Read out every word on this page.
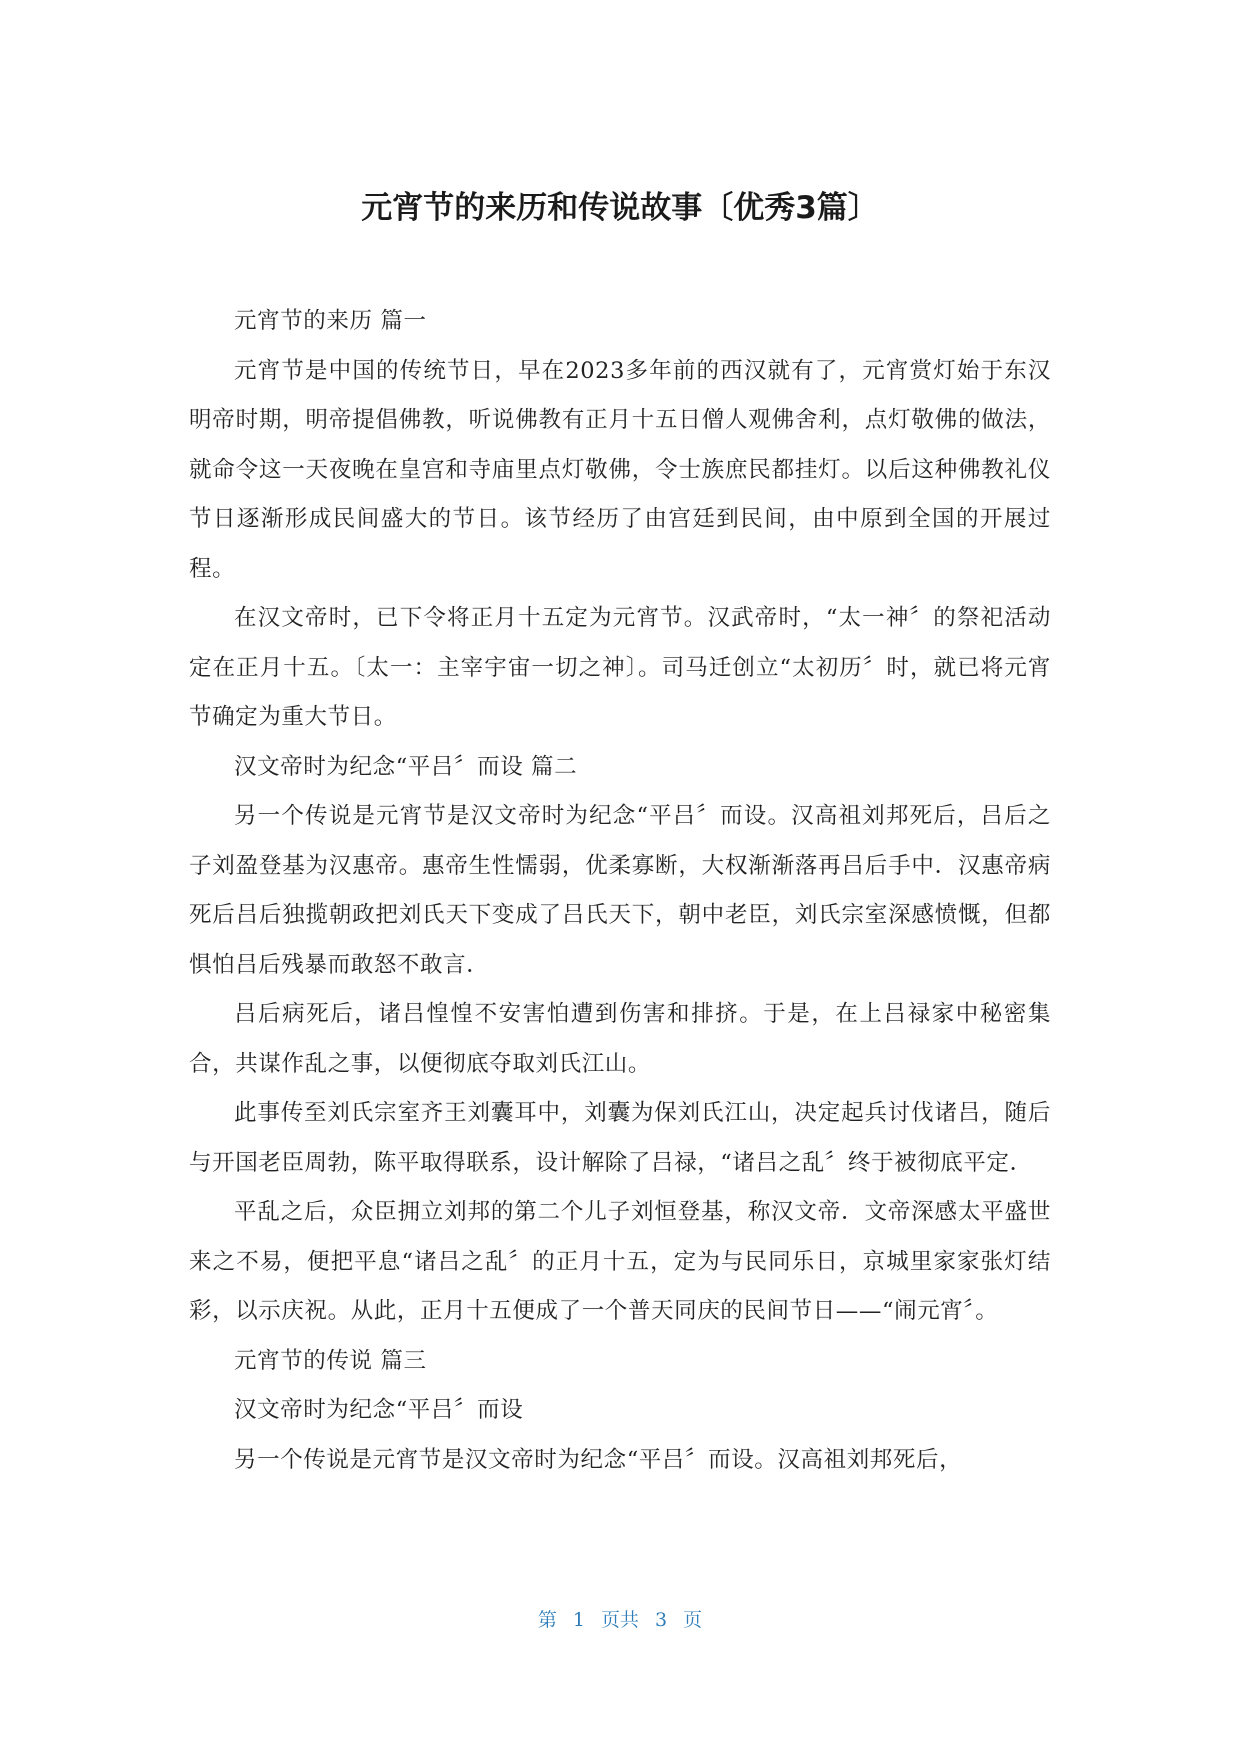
元宵节的来历和传说故事〔优秀3篇〕

元宵节的来历 篇一

元宵节是中国的传统节日，早在2023多年前的西汉就有了，元宵赏灯始于东汉明帝时期，明帝提倡佛教，听说佛教有正月十五日僧人观佛舍利，点灯敬佛的做法，就命令这一天夜晚在皇宫和寺庙里点灯敬佛，令士族庶民都挂灯。以后这种佛教礼仪节日逐渐形成民间盛大的节日。该节经历了由宫廷到民间，由中原到全国的开展过程。

在汉文帝时，已下令将正月十五定为元宵节。汉武帝时，“太一神〞的祭祀活动定在正月十五。〔太一：主宰宇宙一切之神〕。司马迁创立“太初历〞时，就已将元宵节确定为重大节日。

汉文帝时为纪念“平吕〞而设 篇二

另一个传说是元宵节是汉文帝时为纪念“平吕〞而设。汉高祖刘邦死后，吕后之子刘盈登基为汉惠帝。惠帝生性懦弱，优柔寡断，大权渐渐落再吕后手中．汉惠帝病死后吕后独揽朝政把刘氏天下变成了吕氏天下，朝中老臣，刘氏宗室深感愤慨，但都惧怕吕后残暴而敢怒不敢言．

吕后病死后，诸吕惶惶不安害怕遭到伤害和排挤。于是，在上吕禄家中秘密集合，共谋作乱之事，以便彻底夺取刘氏江山。

此事传至刘氏宗室齐王刘囊耳中，刘囊为保刘氏江山，决定起兵讨伐诸吕，随后与开国老臣周勃，陈平取得联系，设计解除了吕禄，“诸吕之乱〞终于被彻底平定．

平乱之后，众臣拥立刘邦的第二个儿子刘恒登基，称汉文帝．文帝深感太平盛世来之不易，便把平息“诸吕之乱〞的正月十五，定为与民同乐日，京城里家家张灯结彩，以示庆祝。从此，正月十五便成了一个普天同庆的民间节日——“闹元宵〞。

元宵节的传说 篇三

汉文帝时为纪念“平吕〞而设

另一个传说是元宵节是汉文帝时为纪念“平吕〞而设。汉高祖刘邦死后，

第 1 页共 3 页
